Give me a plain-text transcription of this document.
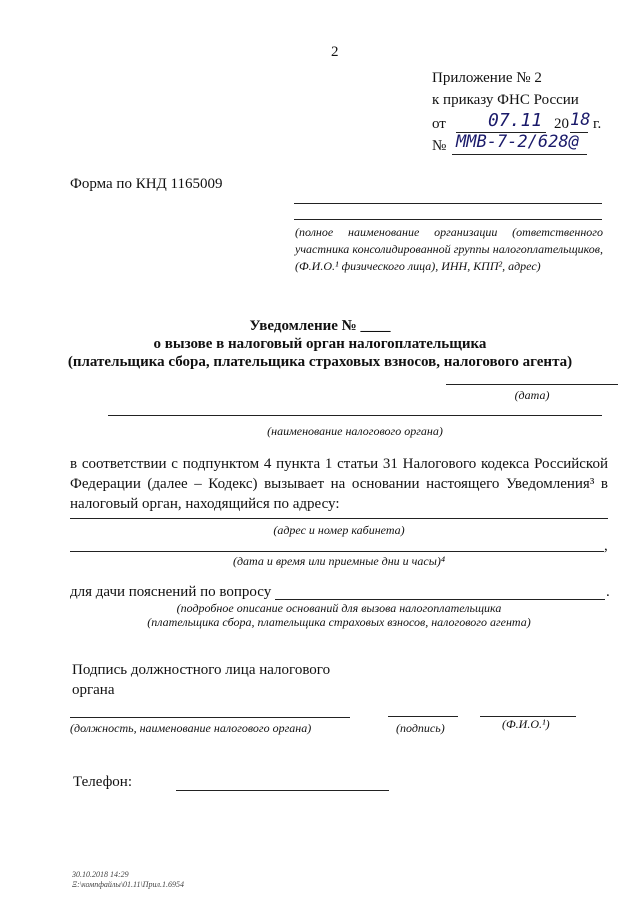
2
Приложение № 2
к приказу ФНС России
от 07.11 20 18 г.
№ ММВ-7-2/628@
Форма по КНД 1165009
(полное наименование организации (ответственного участника консолидированной группы налогоплательщиков, (Ф.И.О.¹ физического лица), ИНН, КПП², адрес)
Уведомление № ____
о вызове в налоговый орган налогоплательщика
(плательщика сбора, плательщика страховых взносов, налогового агента)
(дата)
(наименование налогового органа)
в соответствии с подпунктом 4 пункта 1 статьи 31 Налогового кодекса Российской Федерации (далее – Кодекс) вызывает на основании настоящего Уведомления³ в налоговый орган, находящийся по адресу:
(адрес и номер кабинета)
,
(дата и время или приемные дни и часы)⁴
для дачи пояснений по вопросу	.
(подробное описание оснований для вызова налогоплательщика
(плательщика сбора, плательщика страховых взносов, налогового агента)
Подпись должностного лица налогового органа
(должность, наименование налогового органа)	(подпись)	(Ф.И.О.¹)
Телефон:
30.10.2018 14:29
Ξ:\компфайлы\01.11\Прил.1.6954
